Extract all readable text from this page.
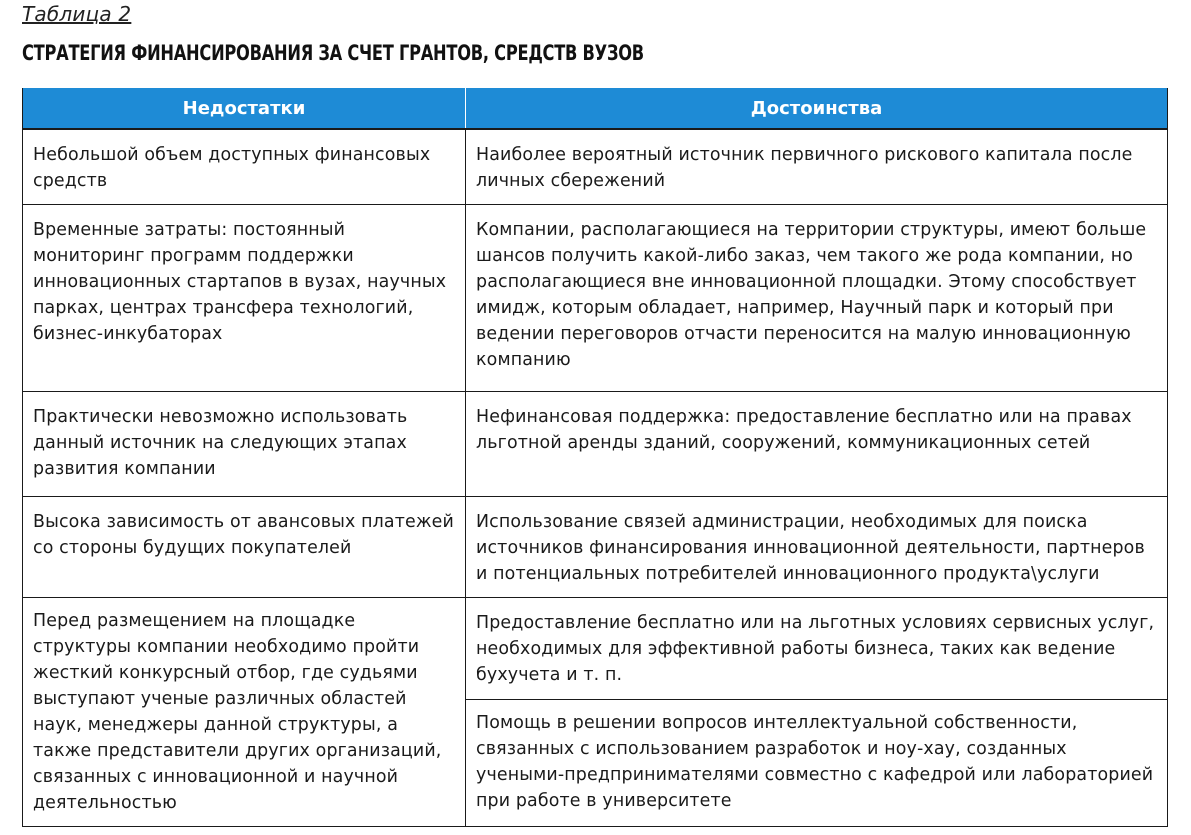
Таблица 2
СТРАТЕГИЯ ФИНАНСИРОВАНИЯ ЗА СЧЕТ ГРАНТОВ, СРЕДСТВ ВУЗОВ
Недостатки	Достоинства
Небольшой объем доступных финансовых средств	Наиболее вероятный источник первичного рискового капитала после личных сбережений
Временные затраты: постоянный мониторинг программ поддержки инновационных стартапов в вузах, научных парках, центрах трансфера технологий, бизнес-инкубаторах	Компании, располагающиеся на территории структуры, имеют больше шансов получить какой-либо заказ, чем такого же рода компании, но располагающиеся вне инновационной площадки. Этому способствует имидж, которым обладает, например, Научный парк и который при ведении переговоров отчасти переносится на малую инновационную компанию
Практически невозможно использовать данный источник на следующих этапах развития компании	Нефинансовая поддержка: предоставление бесплатно или на правах льготной аренды зданий, сооружений, коммуникационных сетей
Высока зависимость от авансовых платежей со стороны будущих покупателей	Использование связей администрации, необходимых для поиска источников финансирования инновационной деятельности, партнеров и потенциальных потребителей инновационного продукта\услуги
Перед размещением на площадке структуры компании необходимо пройти жесткий конкурсный отбор, где судьями выступают ученые различных областей наук, менеджеры данной структуры, а также представители других организаций, связанных с инновационной и научной деятельностью	Предоставление бесплатно или на льготных условиях сервисных услуг, необходимых для эффективной работы бизнеса, таких как ведение бухучета и т. п.
	Помощь в решении вопросов интеллектуальной собственности, связанных с использованием разработок и ноу-хау, созданных учеными-предпринимателями совместно с кафедрой или лабораторией при работе в университете
